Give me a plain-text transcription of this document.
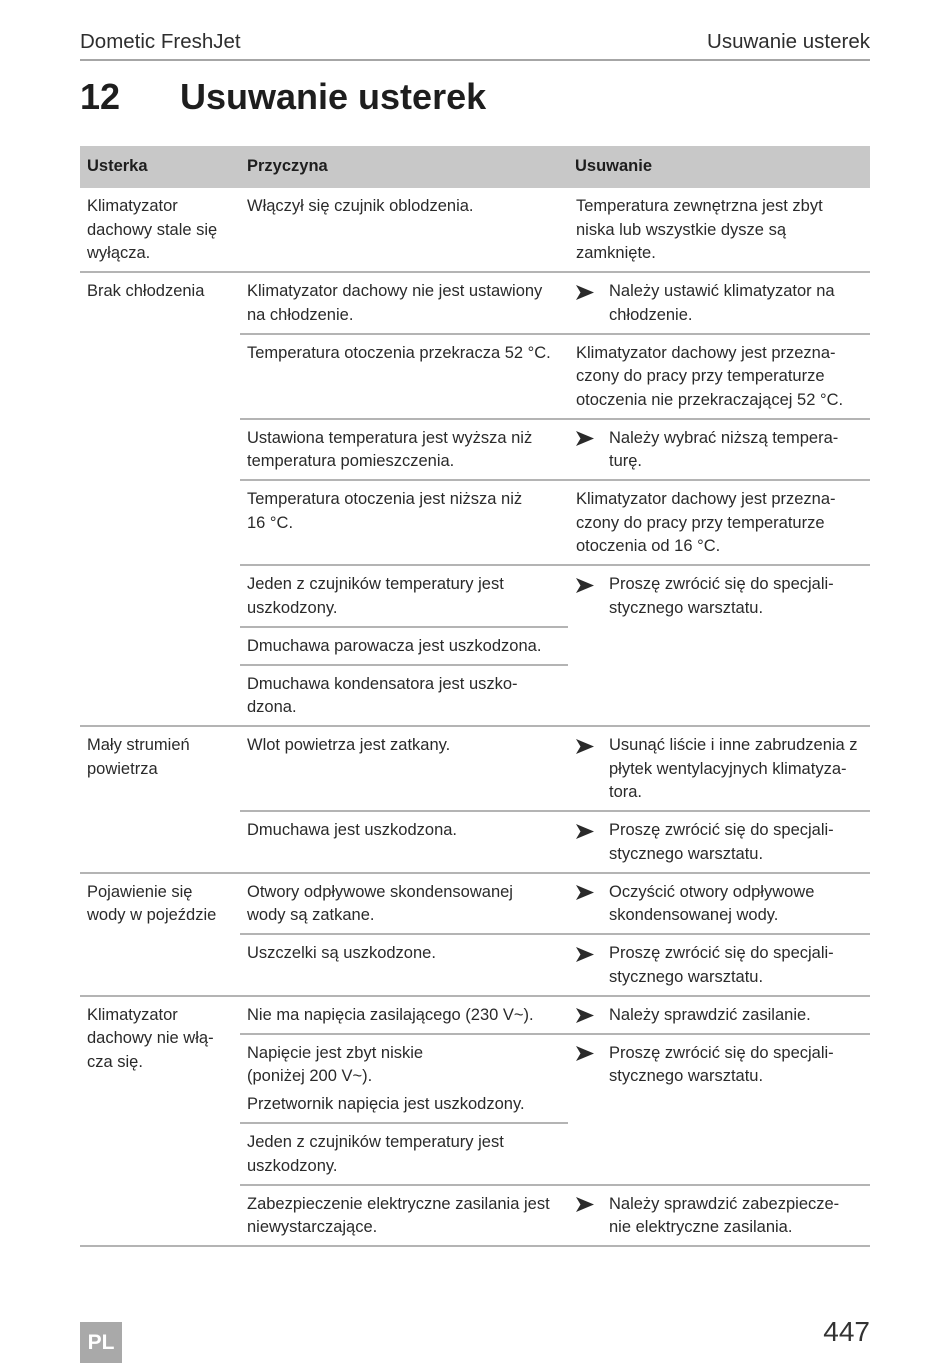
Dometic FreshJet	Usuwanie usterek
12 Usuwanie usterek
Usterka	Przyczyna	Usuwanie

Klimatyzator
dachowy stale się
wyłącza.	Włączył się czujnik oblodzenia.	Temperatura zewnętrzna jest zbyt
niska lub wszystkie dysze są
zamknięte.

Brak chłodzenia	Klimatyzator dachowy nie jest ustawiony
na chłodzenie.	Należy ustawić klimatyzator na
chłodzenie.

	Temperatura otoczenia przekracza 52 °C.	Klimatyzator dachowy jest przezna-
czony do pracy przy temperaturze
otoczenia nie przekraczającej 52 °C.

	Ustawiona temperatura jest wyższa niż
temperatura pomieszczenia.	Należy wybrać niższą tempera-
turę.

	Temperatura otoczenia jest niższa niż
16 °C.	Klimatyzator dachowy jest przezna-
czony do pracy przy temperaturze
otoczenia od 16 °C.

	Jeden z czujników temperatury jest
uszkodzony.	Proszę zwrócić się do specjali-
stycznego warsztatu.

	Dmuchawa parowacza jest uszkodzona.	

	Dmuchawa kondensatora jest uszko-
dzona.	

Mały strumień
powietrza	Wlot powietrza jest zatkany.	Usunąć liście i inne zabrudzenia z
płytek wentylacyjnych klimatyza-
tora.

	Dmuchawa jest uszkodzona.	Proszę zwrócić się do specjali-
stycznego warsztatu.

Pojawienie się
wody w pojeździe	Otwory odpływowe skondensowanej
wody są zatkane.	Oczyścić otwory odpływowe
skondensowanej wody.

	Uszczelki są uszkodzone.	Proszę zwrócić się do specjali-
stycznego warsztatu.

Klimatyzator
dachowy nie włą-
cza się.	Nie ma napięcia zasilającego (230 V~).	Należy sprawdzić zasilanie.

	Napięcie jest zbyt niskie
(poniżej 200 V~).
Przetwornik napięcia jest uszkodzony.	Proszę zwrócić się do specjali-
stycznego warsztatu.

	Jeden z czujników temperatury jest
uszkodzony.	

	Zabezpieczenie elektryczne zasilania jest
niewystarczające.	Należy sprawdzić zabezpiecze-
nie elektryczne zasilania.
PL	447
